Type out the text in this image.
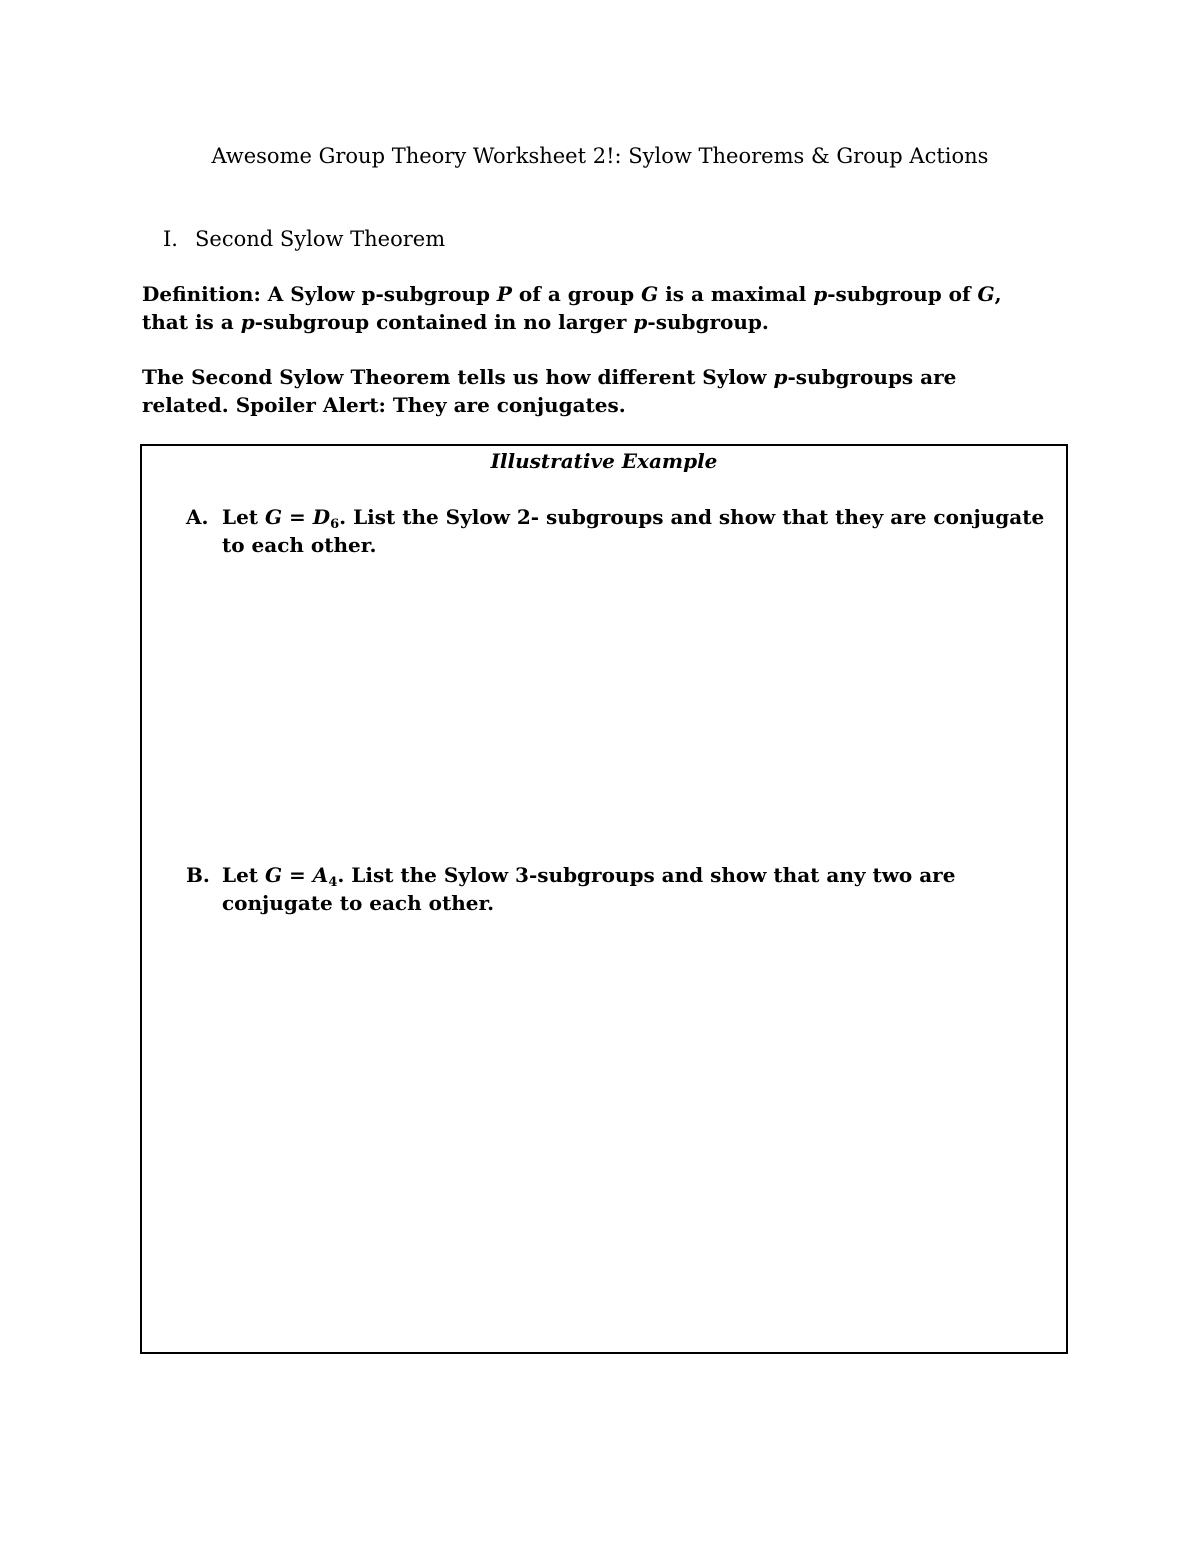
Awesome Group Theory Worksheet 2!: Sylow Theorems & Group Actions
I. Second Sylow Theorem
Definition: A Sylow p-subgroup P of a group G is a maximal p-subgroup of G, that is a p-subgroup contained in no larger p-subgroup.
The Second Sylow Theorem tells us how different Sylow p-subgroups are related. Spoiler Alert: They are conjugates.
Illustrative Example
A. Let $G = D_6$. List the Sylow 2- subgroups and show that they are conjugate to each other.
B. Let $G = A_4$. List the Sylow 3-subgroups and show that any two are conjugate to each other.
